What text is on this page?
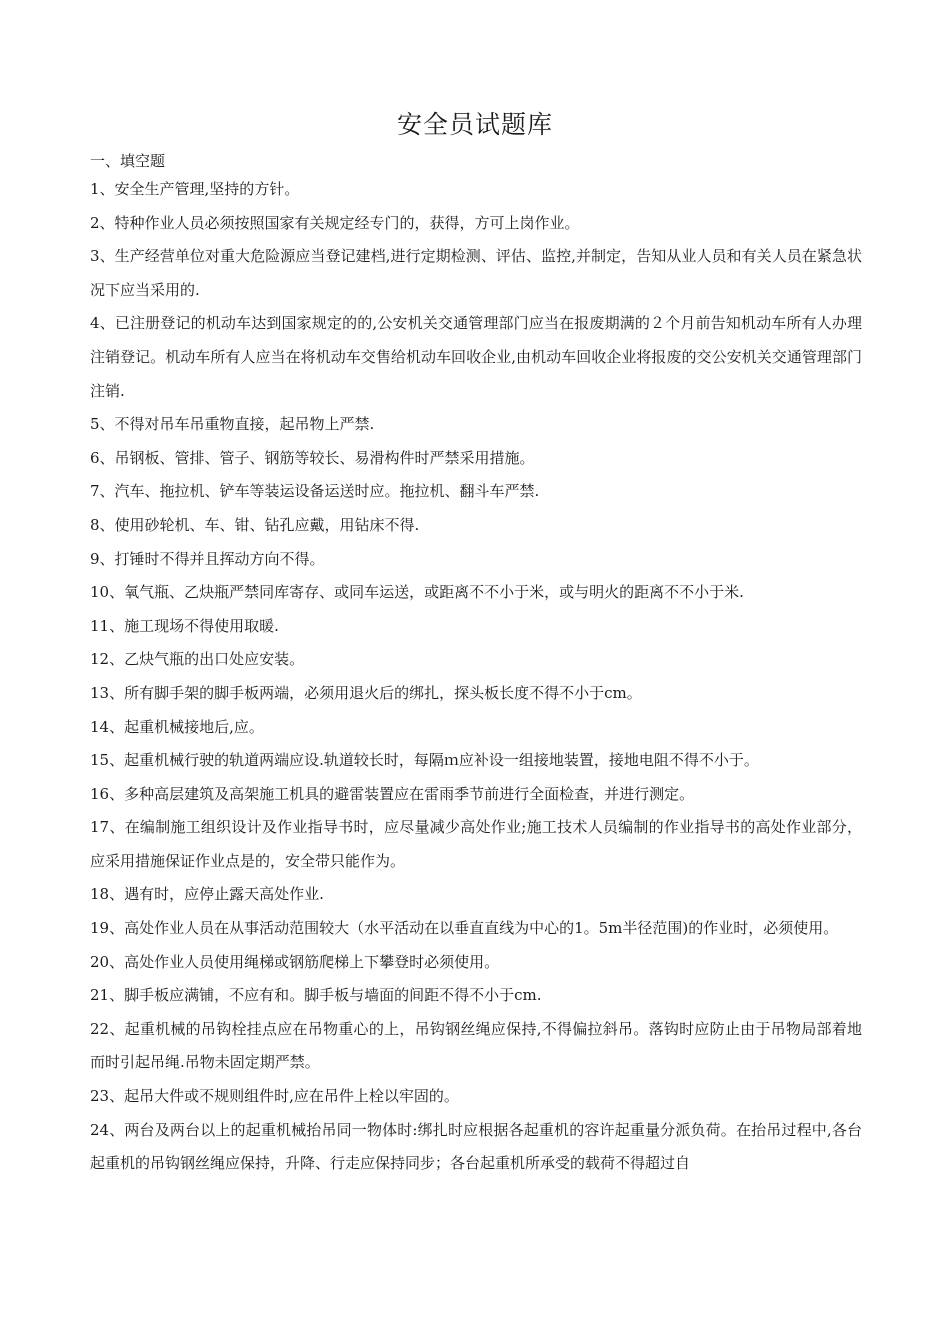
安全员试题库
一、填空题
1、安全生产管理,坚持的方针。
2、特种作业人员必须按照国家有关规定经专门的，获得，方可上岗作业。
3、生产经营单位对重大危险源应当登记建档,进行定期检测、评估、监控,并制定，告知从业人员和有关人员在紧急状况下应当采用的.
4、已注册登记的机动车达到国家规定的的,公安机关交通管理部门应当在报废期满的２个月前告知机动车所有人办理注销登记。机动车所有人应当在将机动车交售给机动车回收企业,由机动车回收企业将报废的交公安机关交通管理部门注销.
5、不得对吊车吊重物直接，起吊物上严禁.
6、吊钢板、管排、管子、钢筋等较长、易滑构件时严禁采用措施。
7、汽车、拖拉机、铲车等装运设备运送时应。拖拉机、翻斗车严禁.
8、使用砂轮机、车、钳、钻孔应戴，用钻床不得.
9、打锤时不得并且挥动方向不得。
10、氧气瓶、乙炔瓶严禁同库寄存、或同车运送，或距离不不小于米，或与明火的距离不不小于米.
11、施工现场不得使用取暖.
12、乙炔气瓶的出口处应安装。
13、所有脚手架的脚手板两端，必须用退火后的绑扎，探头板长度不得不小于cm。
14、起重机械接地后,应。
15、起重机械行驶的轨道两端应设.轨道较长时，每隔ｍ应补设一组接地装置，接地电阻不得不小于。
16、多种高层建筑及高架施工机具的避雷装置应在雷雨季节前进行全面检查，并进行测定。
17、在编制施工组织设计及作业指导书时，应尽量减少高处作业;施工技术人员编制的作业指导书的高处作业部分，应采用措施保证作业点是的，安全带只能作为。
18、遇有时，应停止露天高处作业.
19、高处作业人员在从事活动范围较大（水平活动在以垂直直线为中心的1。5m半径范围)的作业时，必须使用。
20、高处作业人员使用绳梯或钢筋爬梯上下攀登时必须使用。
21、脚手板应满铺，不应有和。脚手板与墙面的间距不得不小于cm.
22、起重机械的吊钩栓挂点应在吊物重心的上，吊钩钢丝绳应保持,不得偏拉斜吊。落钩时应防止由于吊物局部着地而时引起吊绳.吊物未固定期严禁。
23、起吊大件或不规则组件时,应在吊件上栓以牢固的。
24、两台及两台以上的起重机械抬吊同一物体时:绑扎时应根据各起重机的容许起重量分派负荷。在抬吊过程中,各台起重机的吊钩钢丝绳应保持，升降、行走应保持同步；各台起重机所承受的载荷不得超过自
